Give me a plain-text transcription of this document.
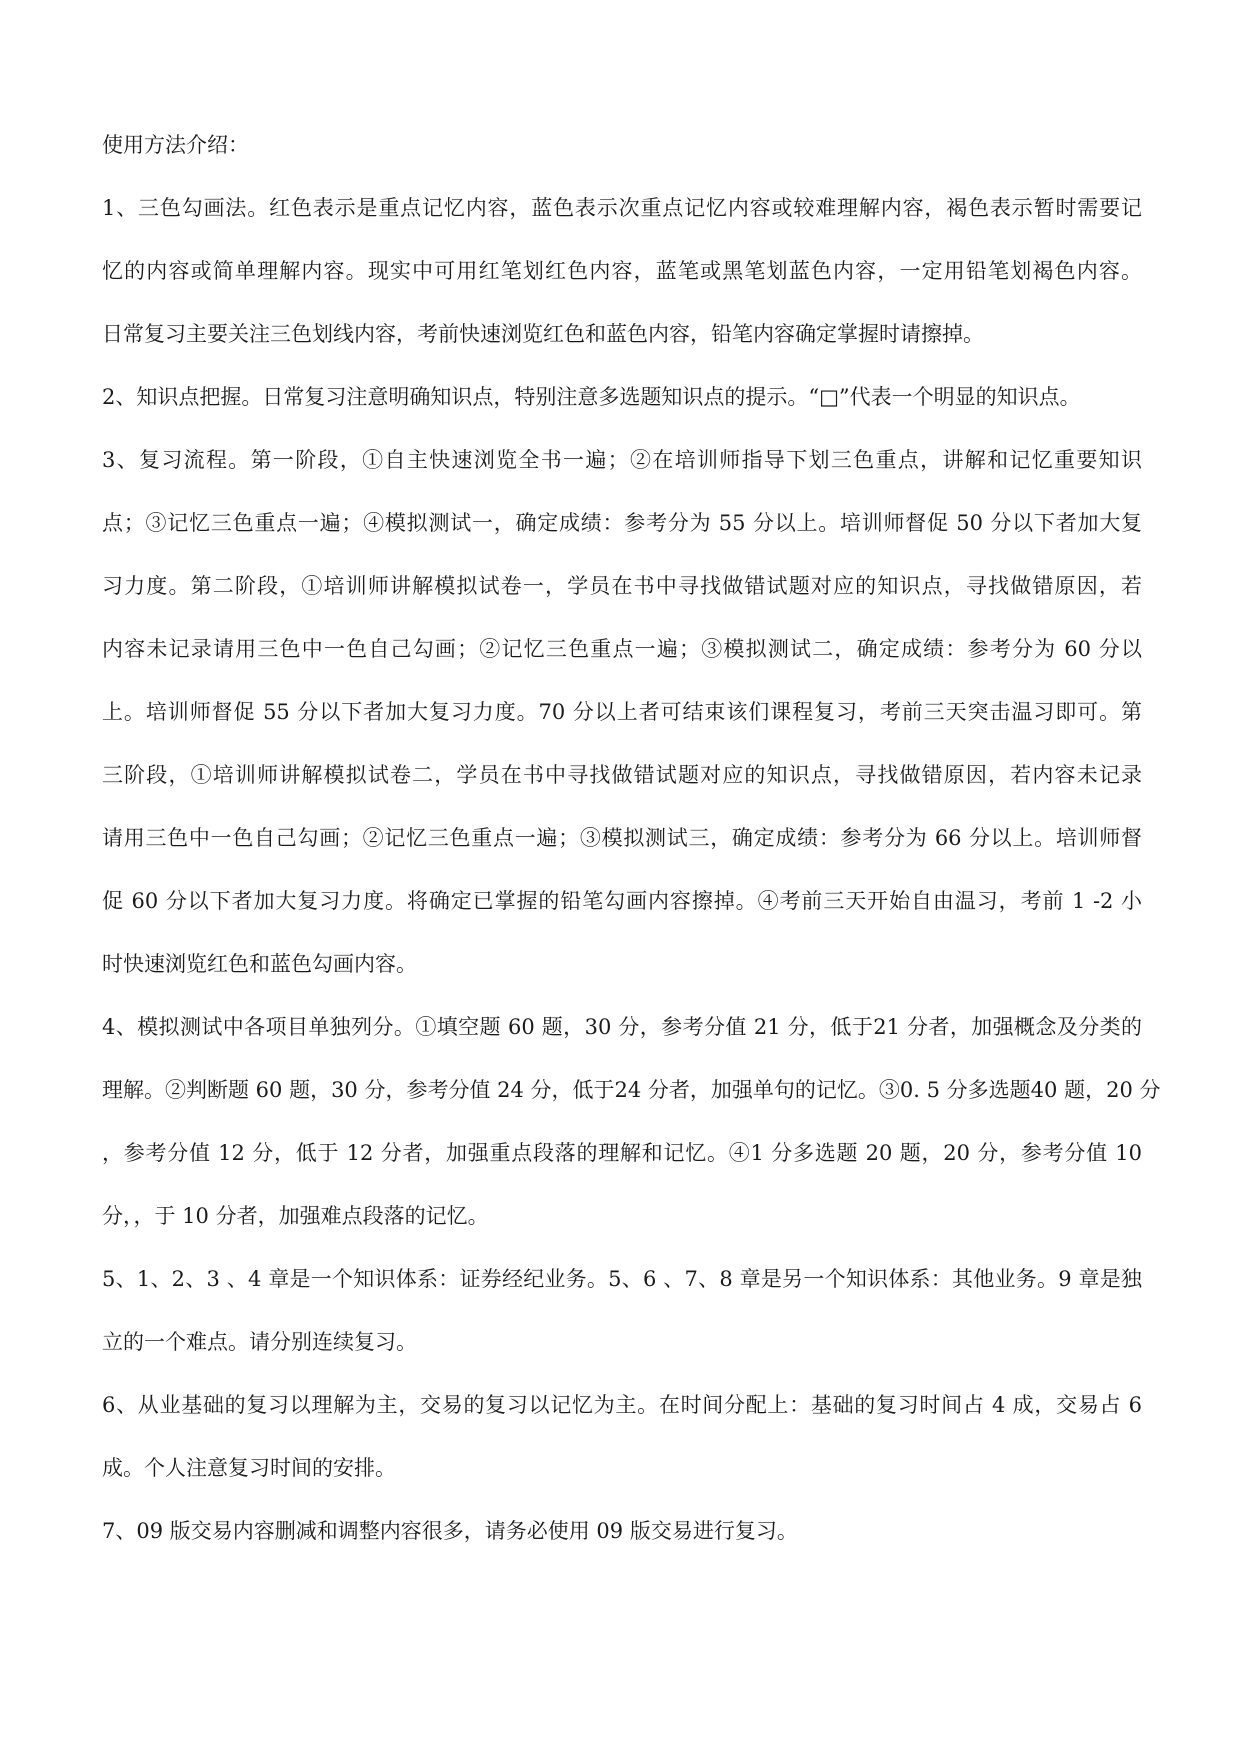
使用方法介绍：
1、三色勾画法。红色表示是重点记忆内容，蓝色表示次重点记忆内容或较难理解内容，褐色表示暂时需要记
忆的内容或简单理解内容。现实中可用红笔划红色内容，蓝笔或黑笔划蓝色内容，一定用铅笔划褐色内容。
日常复习主要关注三色划线内容，考前快速浏览红色和蓝色内容，铅笔内容确定掌握时请擦掉。
2、知识点把握。日常复习注意明确知识点，特别注意多选题知识点的提示。“□”代表一个明显的知识点。
3、复习流程。第一阶段，①自主快速浏览全书一遍；②在培训师指导下划三色重点，讲解和记忆重要知识
点；③记忆三色重点一遍；④模拟测试一，确定成绩：参考分为 55 分以上。培训师督促 50 分以下者加大复
习力度。第二阶段，①培训师讲解模拟试卷一，学员在书中寻找做错试题对应的知识点，寻找做错原因，若
内容未记录请用三色中一色自己勾画；②记忆三色重点一遍；③模拟测试二，确定成绩：参考分为 60 分以
上。培训师督促 55 分以下者加大复习力度。70 分以上者可结束该们课程复习，考前三天突击温习即可。第
三阶段，①培训师讲解模拟试卷二，学员在书中寻找做错试题对应的知识点，寻找做错原因，若内容未记录
请用三色中一色自己勾画；②记忆三色重点一遍；③模拟测试三，确定成绩：参考分为 66 分以上。培训师督
促 60 分以下者加大复习力度。将确定已掌握的铅笔勾画内容擦掉。④考前三天开始自由温习，考前 1 -2 小
时快速浏览红色和蓝色勾画内容。
4、模拟测试中各项目单独列分。①填空题 60 题，30 分，参考分值 21 分，低于21 分者，加强概念及分类的
理解。②判断题 60 题，30 分，参考分值 24 分，低于24 分者，加强单句的记忆。③0. 5 分多选题40 题，20 分
，参考分值 12 分，低于 12 分者，加强重点段落的理解和记忆。④1 分多选题 20 题，20 分，参考分值 10
分，，于 10 分者，加强难点段落的记忆。
5、1、2、3 、4 章是一个知识体系：证券经纪业务。5、6 、7、8 章是另一个知识体系：其他业务。9 章是独
立的一个难点。请分别连续复习。
6、从业基础的复习以理解为主，交易的复习以记忆为主。在时间分配上：基础的复习时间占 4 成，交易占 6
成。个人注意复习时间的安排。
7、09 版交易内容删减和调整内容很多，请务必使用 09 版交易进行复习。
